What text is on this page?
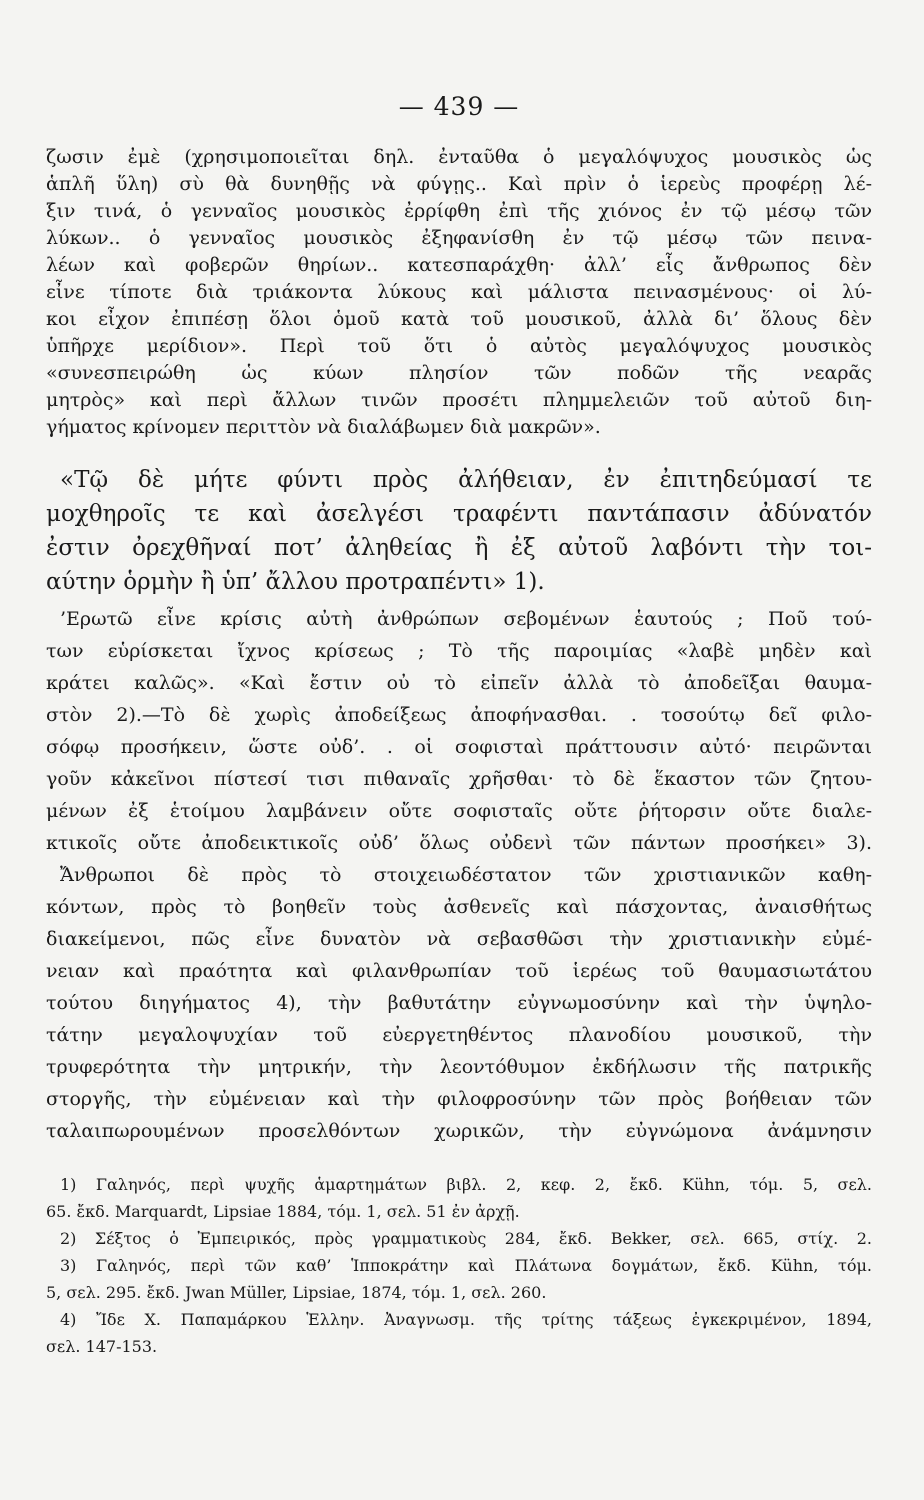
— 439 —
ζωσιν ἐμὲ (χρησιμοποιεῖται δηλ. ἐνταῦθα ὁ μεγαλόψυχος μουσικὸς ὡς
ἁπλῆ ὕλη) σὺ θὰ δυνηθῇς νὰ φύγῃς.. Καὶ πρὶν ὁ ἱερεὺς προφέρῃ λέ-
ξιν τινά, ὁ γενναῖος μουσικὸς ἐρρίφθη ἐπὶ τῆς χιόνος ἐν τῷ μέσῳ τῶν
λύκων.. ὁ γενναῖος μουσικὸς ἐξηφανίσθη ἐν τῷ μέσῳ τῶν πεινα-
λέων καὶ φοβερῶν θηρίων.. κατεσπαράχθη· ἀλλ’ εἷς ἄνθρωπος δὲν
εἶνε τίποτε διὰ τριάκοντα λύκους καὶ μάλιστα πεινασμένους· οἱ λύ-
κοι εἶχον ἐπιπέσῃ ὅλοι ὁμοῦ κατὰ τοῦ μουσικοῦ, ἀλλὰ δι’ ὅλους δὲν
ὑπῆρχε μερίδιον». Περὶ τοῦ ὅτι ὁ αὐτὸς μεγαλόψυχος μουσικὸς
«συνεσπειρώθη ὡς κύων πλησίον τῶν ποδῶν τῆς νεαρᾶς
μητρὸς» καὶ περὶ ἄλλων τινῶν προσέτι πλημμελειῶν τοῦ αὐτοῦ διη-
γήματος κρίνομεν περιττὸν νὰ διαλάβωμεν διὰ μακρῶν».
«Τῷ δὲ μήτε φύντι πρὸς ἀλήθειαν, ἐν ἐπιτηδεύμασί τε
μοχθηροῖς τε καὶ ἀσελγέσι τραφέντι παντάπασιν ἀδύνατόν
ἐστιν ὀρεχθῆναί ποτ’ ἀληθείας ἢ ἐξ αὐτοῦ λαβόντι τὴν τοι-
αύτην ὁρμὴν ἢ ὑπ’ ἄλλου προτραπέντι» 1).
’Ερωτῶ εἶνε κρίσις αὐτὴ ἀνθρώπων σεβομένων ἑαυτούς ; Ποῦ τού-
των εὑρίσκεται ἴχνος κρίσεως ; Τὸ τῆς παροιμίας «λαβὲ μηδὲν καὶ
κράτει καλῶς». «Καὶ ἔστιν οὐ τὸ εἰπεῖν ἀλλὰ τὸ ἀποδεῖξαι θαυμα-
στὸν 2).—Τὸ δὲ χωρὶς ἀποδείξεως ἀποφήνασθαι. . τοσούτῳ δεῖ φιλο-
σόφῳ προσήκειν, ὥστε οὐδ’. . οἱ σοφισταὶ πράττουσιν αὐτό· πειρῶνται
γοῦν κἀκεῖνοι πίστεσί τισι πιθαναῖς χρῆσθαι· τὸ δὲ ἕκαστον τῶν ζητου-
μένων ἐξ ἑτοίμου λαμβάνειν οὔτε σοφισταῖς οὔτε ῥήτορσιν οὔτε διαλε-
κτικοῖς οὔτε ἀποδεικτικοῖς οὐδ’ ὅλως οὐδενὶ τῶν πάντων προσήκει» 3).
Ἄνθρωποι δὲ πρὸς τὸ στοιχειωδέστατον τῶν χριστιανικῶν καθη-
κόντων, πρὸς τὸ βοηθεῖν τοὺς ἀσθενεῖς καὶ πάσχοντας, ἀναισθήτως
διακείμενοι, πῶς εἶνε δυνατὸν νὰ σεβασθῶσι τὴν χριστιανικὴν εὐμέ-
νειαν καὶ πραότητα καὶ φιλανθρωπίαν τοῦ ἱερέως τοῦ θαυμασιωτάτου
τούτου διηγήματος 4), τὴν βαθυτάτην εὐγνωμοσύνην καὶ τὴν ὑψηλο-
τάτην μεγαλοψυχίαν τοῦ εὐεργετηθέντος πλανοδίου μουσικοῦ, τὴν
τρυφερότητα τὴν μητρικήν, τὴν λεοντόθυμον ἐκδήλωσιν τῆς πατρικῆς
στοργῆς, τὴν εὐμένειαν καὶ τὴν φιλοφροσύνην τῶν πρὸς βοήθειαν τῶν
ταλαιπωρουμένων προσελθόντων χωρικῶν, τὴν εὐγνώμονα ἀνάμνησιν
1) Γαληνός, περὶ ψυχῆς ἁμαρτημάτων βιβλ. 2, κεφ. 2, ἔκδ. Kühn, τόμ. 5, σελ.
65. ἔκδ. Marquardt, Lipsiae 1884, τόμ. 1, σελ. 51 ἐν ἀρχῇ.
2) Σέξτος ὁ Ἐμπειρικός, πρὸς γραμματικοὺς 284, ἔκδ. Bekker, σελ. 665, στίχ. 2.
3) Γαληνός, περὶ τῶν καθ’ Ἱπποκράτην καὶ Πλάτωνα δογμάτων, ἔκδ. Kühn, τόμ.
5, σελ. 295. ἔκδ. Jwan Müller, Lipsiae, 1874, τόμ. 1, σελ. 260.
4) Ἴδε Χ. Παπαμάρκου Ἑλλην. Ἀναγνωσμ. τῆς τρίτης τάξεως ἐγκεκριμένον, 1894,
σελ. 147-153.
